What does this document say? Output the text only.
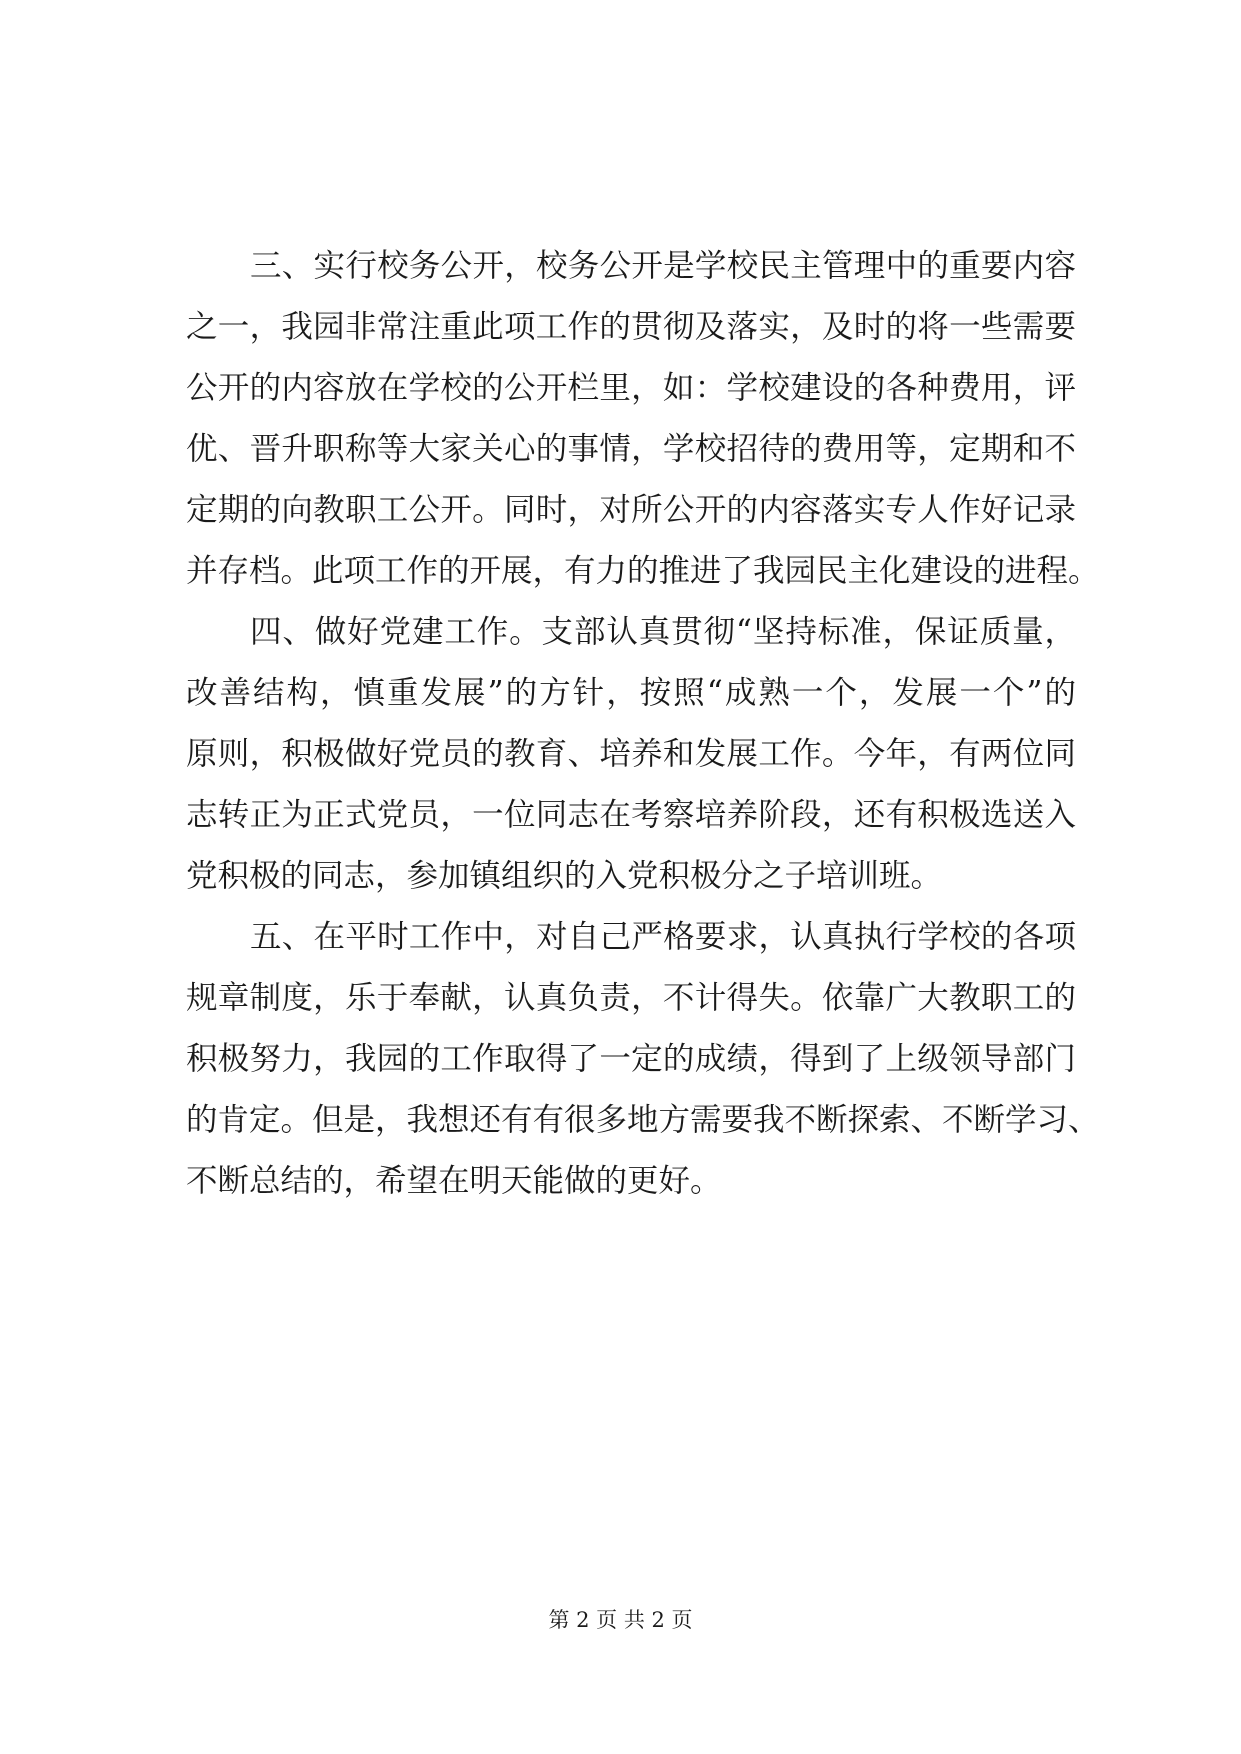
三、实行校务公开，校务公开是学校民主管理中的重要内容
之一，我园非常注重此项工作的贯彻及落实，及时的将一些需要
公开的内容放在学校的公开栏里，如：学校建设的各种费用，评
优、晋升职称等大家关心的事情，学校招待的费用等，定期和不
定期的向教职工公开。同时，对所公开的内容落实专人作好记录
并存档。此项工作的开展，有力的推进了我园民主化建设的进程。
四、做好党建工作。支部认真贯彻“坚持标准，保证质量，
改善结构，慎重发展”的方针，按照“成熟一个，发展一个”的
原则，积极做好党员的教育、培养和发展工作。今年，有两位同
志转正为正式党员，一位同志在考察培养阶段，还有积极选送入
党积极的同志，参加镇组织的入党积极分之子培训班。
五、在平时工作中，对自己严格要求，认真执行学校的各项
规章制度，乐于奉献，认真负责，不计得失。依靠广大教职工的
积极努力，我园的工作取得了一定的成绩，得到了上级领导部门
的肯定。但是，我想还有有很多地方需要我不断探索、不断学习、
不断总结的，希望在明天能做的更好。
第 2 页 共 2 页
